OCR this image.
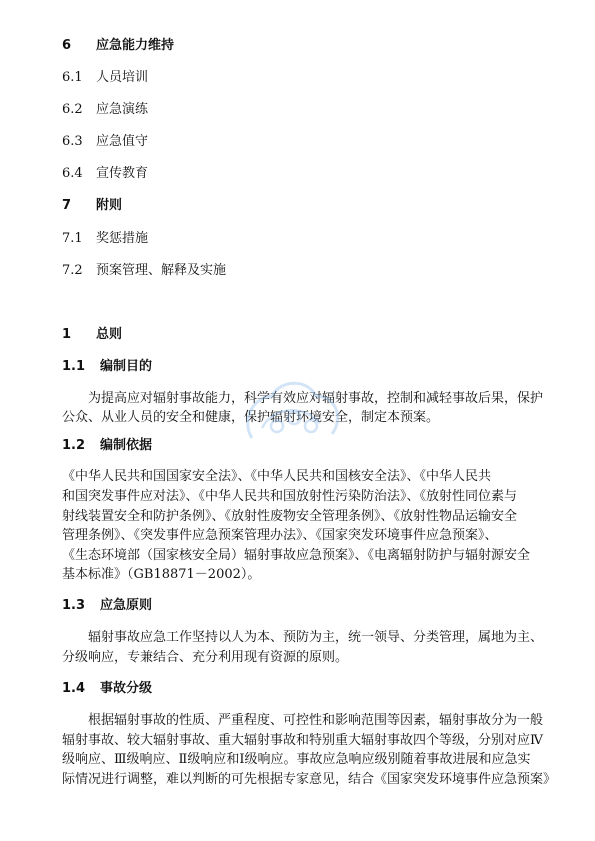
6 应急能力维持
6.1 人员培训
6.2 应急演练
6.3 应急值守
6.4 宣传教育
7 附则
7.1 奖惩措施
7.2 预案管理、解释及实施
1 总则
1.1 编制目的
为提高应对辐射事故能力，科学有效应对辐射事故，控制和减轻事故后果，保护
公众、从业人员的安全和健康，保护辐射环境安全，制定本预案。
1.2 编制依据
《中华人民共和国国家安全法》、《中华人民共和国核安全法》、《中华人民共
和国突发事件应对法》、《中华人民共和国放射性污染防治法》、《放射性同位素与
射线装置安全和防护条例》、《放射性废物安全管理条例》、《放射性物品运输安全
管理条例》、《突发事件应急预案管理办法》、《国家突发环境事件应急预案》、
《生态环境部（国家核安全局）辐射事故应急预案》、《电离辐射防护与辐射源安全
基本标准》（GB18871－2002）。
1.3 应急原则
辐射事故应急工作坚持以人为本、预防为主，统一领导、分类管理，属地为主、
分级响应，专兼结合、充分利用现有资源的原则。
1.4 事故分级
根据辐射事故的性质、严重程度、可控性和影响范围等因素，辐射事故分为一般
辐射事故、较大辐射事故、重大辐射事故和特别重大辐射事故四个等级，分别对应Ⅳ
级响应、Ⅲ级响应、Ⅱ级响应和Ⅰ级响应。事故应急响应级别随着事故进展和应急实
际情况进行调整，难以判断的可先根据专家意见，结合《国家突发环境事件应急预案》
